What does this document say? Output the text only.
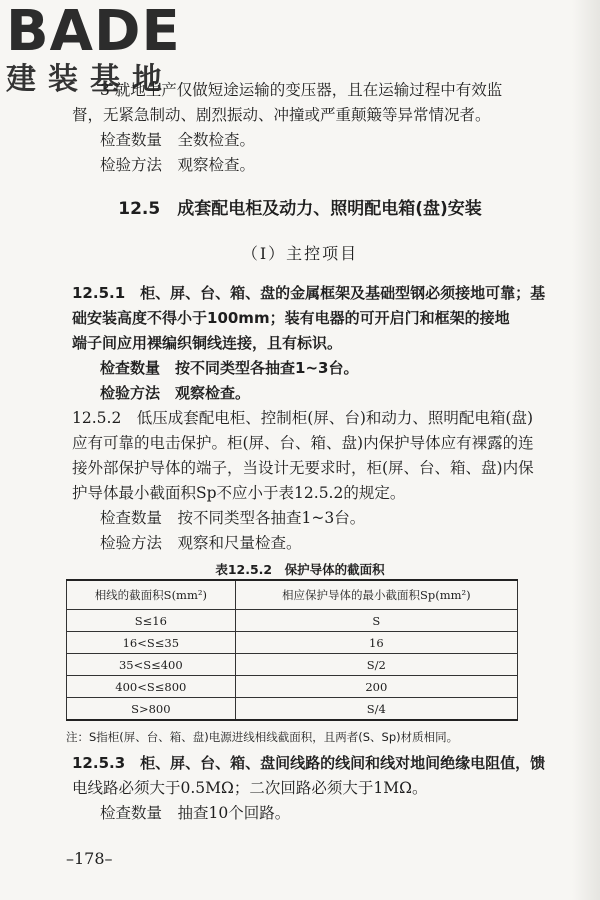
BADE
建装基地
3 就地生产仅做短途运输的变压器，且在运输过程中有效监
督，无紧急制动、剧烈振动、冲撞或严重颠簸等异常情况者。
检查数量　全数检查。
检验方法　观察检查。
12.5　成套配电柜及动力、照明配电箱(盘)安装
（Ⅰ）主控项目
12.5.1　柜、屏、台、箱、盘的金属框架及基础型钢必须接地可靠；基
础安装高度不得小于100mm；装有电器的可开启门和框架的接地
端子间应用裸编织铜线连接，且有标识。
检查数量　按不同类型各抽查1~3台。
检验方法　观察检查。
12.5.2　低压成套配电柜、控制柜(屏、台)和动力、照明配电箱(盘)
应有可靠的电击保护。柜(屏、台、箱、盘)内保护导体应有裸露的连
接外部保护导体的端子，当设计无要求时，柜(屏、台、箱、盘)内保
护导体最小截面积Sp不应小于表12.5.2的规定。
检查数量　按不同类型各抽查1~3台。
检验方法　观察和尺量检查。
表12.5.2　保护导体的截面积
相线的截面积S(mm²)	相应保护导体的最小截面积Sp(mm²)
S≤16	S
16<S≤35	16
35<S≤400	S/2
400<S≤800	200
S>800	S/4
注：S指柜(屏、台、箱、盘)电源进线相线截面积，且两者(S、Sp)材质相同。
12.5.3　柜、屏、台、箱、盘间线路的线间和线对地间绝缘电阻值，馈
电线路必须大于0.5MΩ；二次回路必须大于1MΩ。
检查数量　抽查10个回路。
–178–
